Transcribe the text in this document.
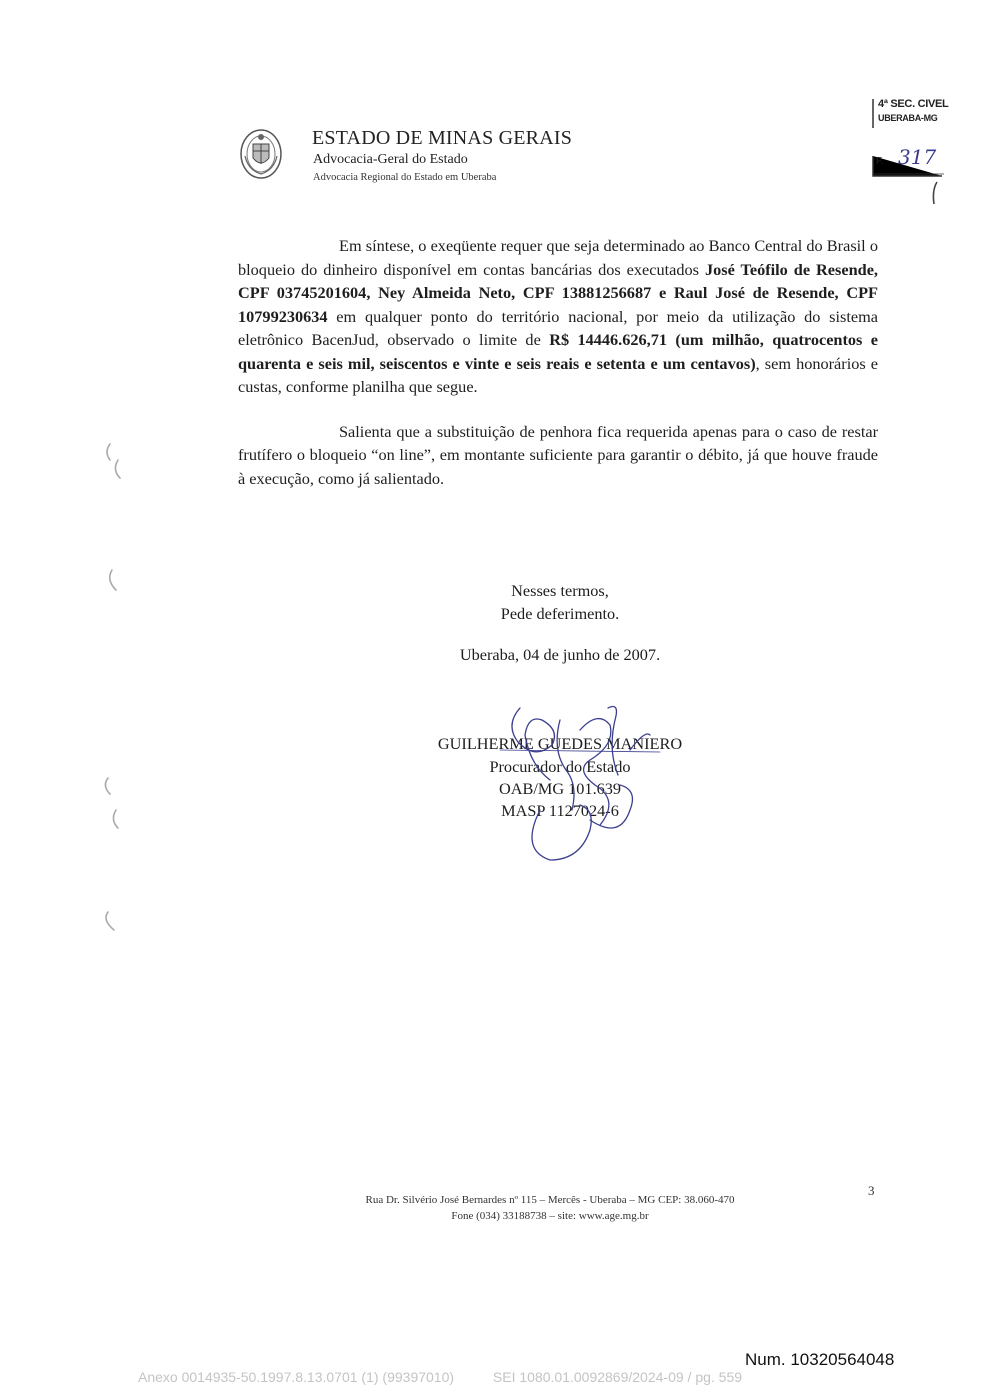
ESTADO DE MINAS GERAIS
Advocacia-Geral do Estado
Advocacia Regional do Estado em Uberaba
4ª SEC. CIVEL
UBERABA-MG
F. 317

Em síntese, o exeqüente requer que seja determinado ao Banco Central do Brasil o bloqueio do dinheiro disponível em contas bancárias dos executados José Teófilo de Resende, CPF 03745201604, Ney Almeida Neto, CPF 13881256687 e Raul José de Resende, CPF 10799230634 em qualquer ponto do território nacional, por meio da utilização do sistema eletrônico BacenJud, observado o limite de R$ 14446.626,71 (um milhão, quatrocentos e quarenta e seis mil, seiscentos e vinte e seis reais e setenta e um centavos), sem honorários e custas, conforme planilha que segue.

Salienta que a substituição de penhora fica requerida apenas para o caso de restar frutífero o bloqueio “on line”, em montante suficiente para garantir o débito, já que houve fraude à execução, como já salientado.

Nesses termos,
Pede deferimento.
Uberaba, 04 de junho de 2007.
GUILHERME GUEDES MANIERO
Procurador do Estado
OAB/MG 101.639
MASP 1127024-6
Rua Dr. Silvério José Bernardes nº 115 – Mercês - Uberaba – MG CEP: 38.060-470
Fone (034) 33188738 – site: www.age.mg.br
3
Num. 10320564048
Anexo 0014935-50.1997.8.13.0701 (1) (99397010)          SEI 1080.01.0092869/2024-09 / pg. 559
